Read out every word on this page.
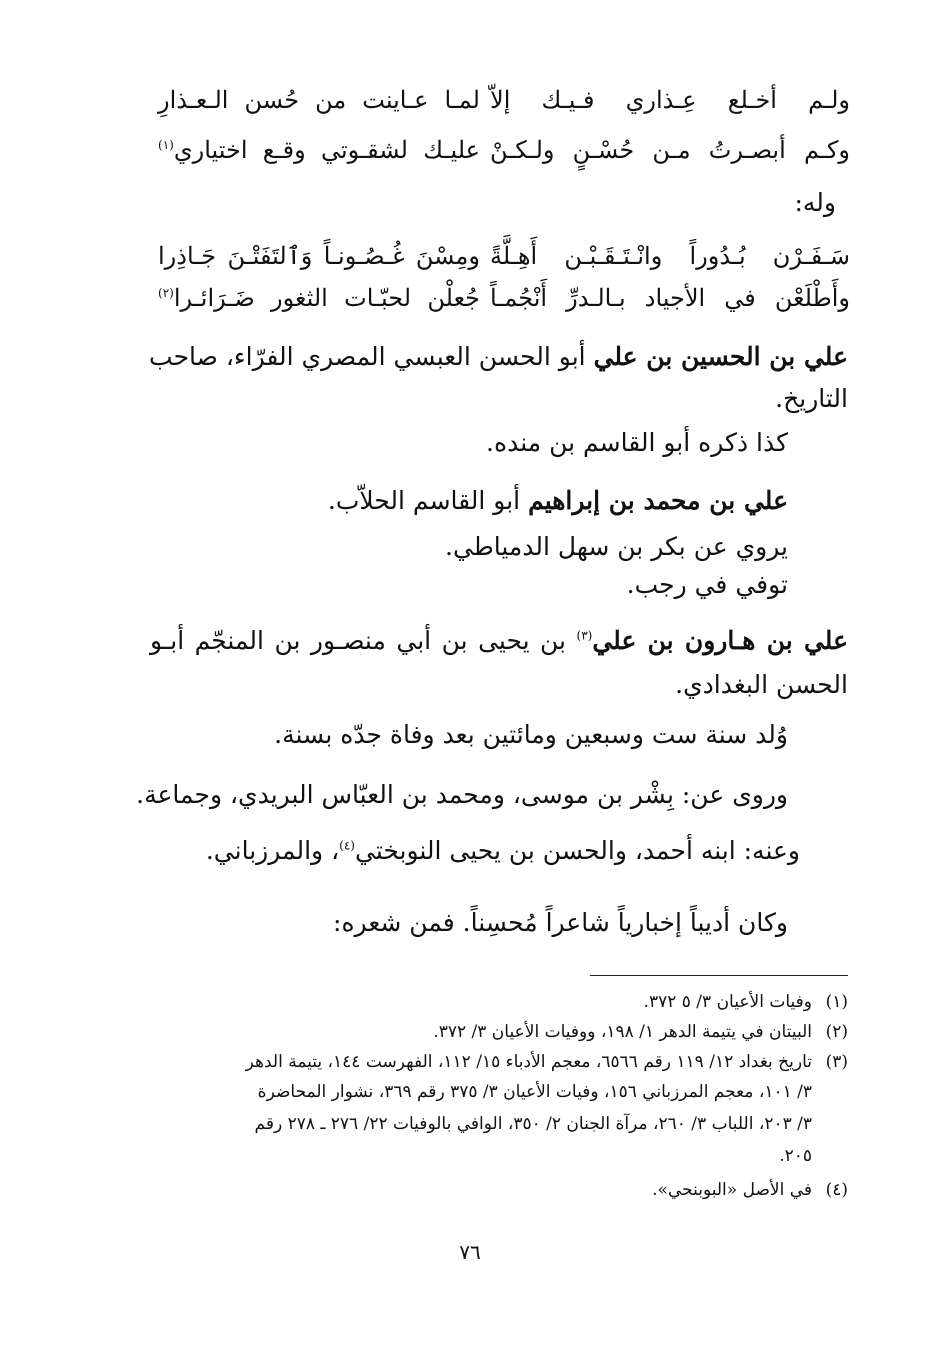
ولـم أخـلع عِـذاري فـيـك إلاّ
لمـا عـاينت من حُسن الـعـذارِ
وكـم أبصـرتُ مـن حُسْـنٍ ولـكـنْ
عليـك لشقـوتي وقـع اختياري$^{(١)}$
وله:
سَـفَـرْن بُـدُوراً وانْـتَـقَـبْـن أَهِـلَّةً
ومِسْنَ غُـصُـونـاً وَٱلتَفَتْـنَ جَـاذِرا
وأَطْلَعْن في الأجياد بـالـدرِّ أَنْجُمـاً
جُعلْن لحبّـات الثغور ضَـرَائـرا$^{(٢)}$
علي بن الحسين بن علي أبو الحسن العبسي المصري الفرّاء، صاحب
التاريخ.
كذا ذكره أبو القاسم بن منده.
علي بن محمد بن إبراهيم أبو القاسم الحلاّب.
يروي عن بكر بن سهل الدمياطي.
توفي في رجب.
علي بن هـارون بن علي$^{(٣)}$ بن يحيى بن أبي منصـور بن المنجّم أبـو
الحسن البغدادي.
وُلد سنة ست وسبعين ومائتين بعد وفاة جدّه بسنة.
وروى عن: بِشْر بن موسى، ومحمد بن العبّاس البريدي، وجماعة.
وعنه: ابنه أحمد، والحسن بن يحيى النوبختي$^{(٤)}$، والمرزباني.
وكان أديباً إخبارياً شاعراً مُحسِناً. فمن شعره:
(١)وفيات الأعيان ٣/ ٥ ٣٧٢.
(٢)البيتان في يتيمة الدهر ١/ ١٩٨، ووفيات الأعيان ٣/ ٣٧٢.
(٣)تاريخ بغداد ١٢/ ١١٩ رقم ٦٥٦٦، معجم الأدباء ١٥/ ١١٢، الفهرست ١٤٤، يتيمة الدهر
٣/ ١٠١، معجم المرزباني ١٥٦، وفيات الأعيان ٣/ ٣٧٥ رقم ٣٦٩، نشوار المحاضرة
٣/ ٢٠٣، اللباب ٣/ ٢٦٠، مرآة الجنان ٢/ ٣٥٠، الوافي بالوفيات ٢٢/ ٢٧٦ ـ ٢٧٨ رقم
٢٠٥.
(٤)في الأصل «البوبنحي».
٧٦
